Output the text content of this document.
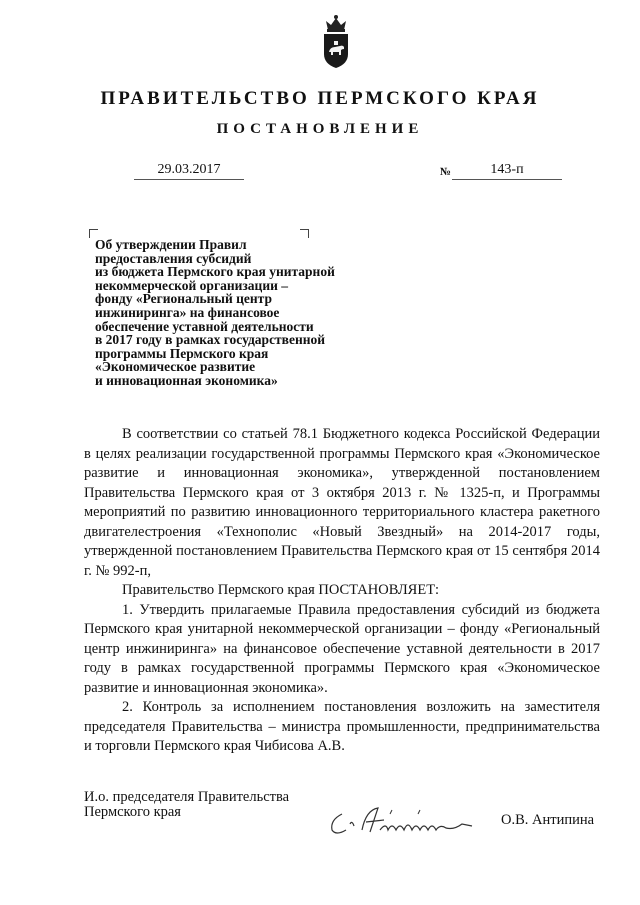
ПРАВИТЕЛЬСТВО ПЕРМСКОГО КРАЯ
ПОСТАНОВЛЕНИЕ
29.03.2017	№	143-п
Об утверждении Правил
предоставления субсидий
из бюджета Пермского края унитарной
некоммерческой организации –
фонду «Региональный центр
инжиниринга» на финансовое
обеспечение уставной деятельности
в 2017 году в рамках государственной
программы Пермского края
«Экономическое развитие
и инновационная экономика»

В соответствии со статьей 78.1 Бюджетного кодекса Российской Федерации в целях реализации государственной программы Пермского края «Экономическое развитие и инновационная экономика», утвержденной постановлением Правительства Пермского края от 3 октября 2013 г. № 1325-п, и Программы мероприятий по развитию инновационного территориального кластера ракетного двигателестроения «Технополис «Новый Звездный» на 2014-2017 годы, утвержденной постановлением Правительства Пермского края от 15 сентября 2014 г. № 992-п,

Правительство Пермского края ПОСТАНОВЛЯЕТ:

1. Утвердить прилагаемые Правила предоставления субсидий из бюджета Пермского края унитарной некоммерческой организации – фонду «Региональный центр инжиниринга» на финансовое обеспечение уставной деятельности в 2017 году в рамках государственной программы Пермского края «Экономическое развитие и инновационная экономика».

2. Контроль за исполнением постановления возложить на заместителя председателя Правительства – министра промышленности, предпринимательства и торговли Пермского края Чибисова А.В.

И.о. председателя Правительства
Пермского края	О.В. Антипина
